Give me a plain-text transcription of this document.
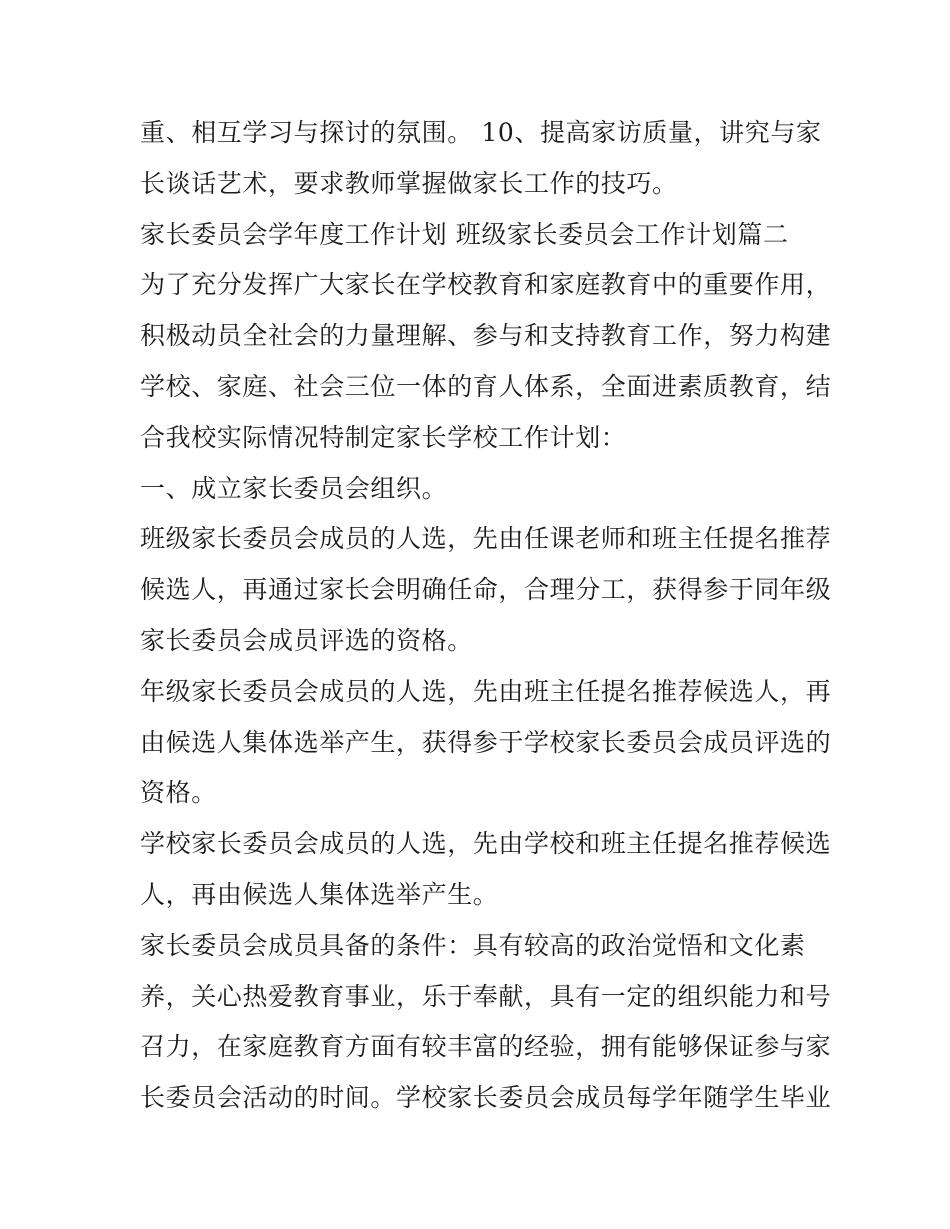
重、相互学习与探讨的氛围。 10、提高家访质量，讲究与家
长谈话艺术，要求教师掌握做家长工作的技巧。

家长委员会学年度工作计划 班级家长委员会工作计划篇二

为了充分发挥广大家长在学校教育和家庭教育中的重要作用，
积极动员全社会的力量理解、参与和支持教育工作，努力构建
学校、家庭、社会三位一体的育人体系，全面进素质教育，结
合我校实际情况特制定家长学校工作计划：

一、成立家长委员会组织。

班级家长委员会成员的人选，先由任课老师和班主任提名推荐
候选人，再通过家长会明确任命，合理分工，获得参于同年级
家长委员会成员评选的资格。

年级家长委员会成员的人选，先由班主任提名推荐候选人，再
由候选人集体选举产生，获得参于学校家长委员会成员评选的
资格。

学校家长委员会成员的人选，先由学校和班主任提名推荐候选
人，再由候选人集体选举产生。

家长委员会成员具备的条件：具有较高的政治觉悟和文化素
养，关心热爱教育事业，乐于奉献，具有一定的组织能力和号
召力，在家庭教育方面有较丰富的经验，拥有能够保证参与家
长委员会活动的时间。学校家长委员会成员每学年随学生毕业
